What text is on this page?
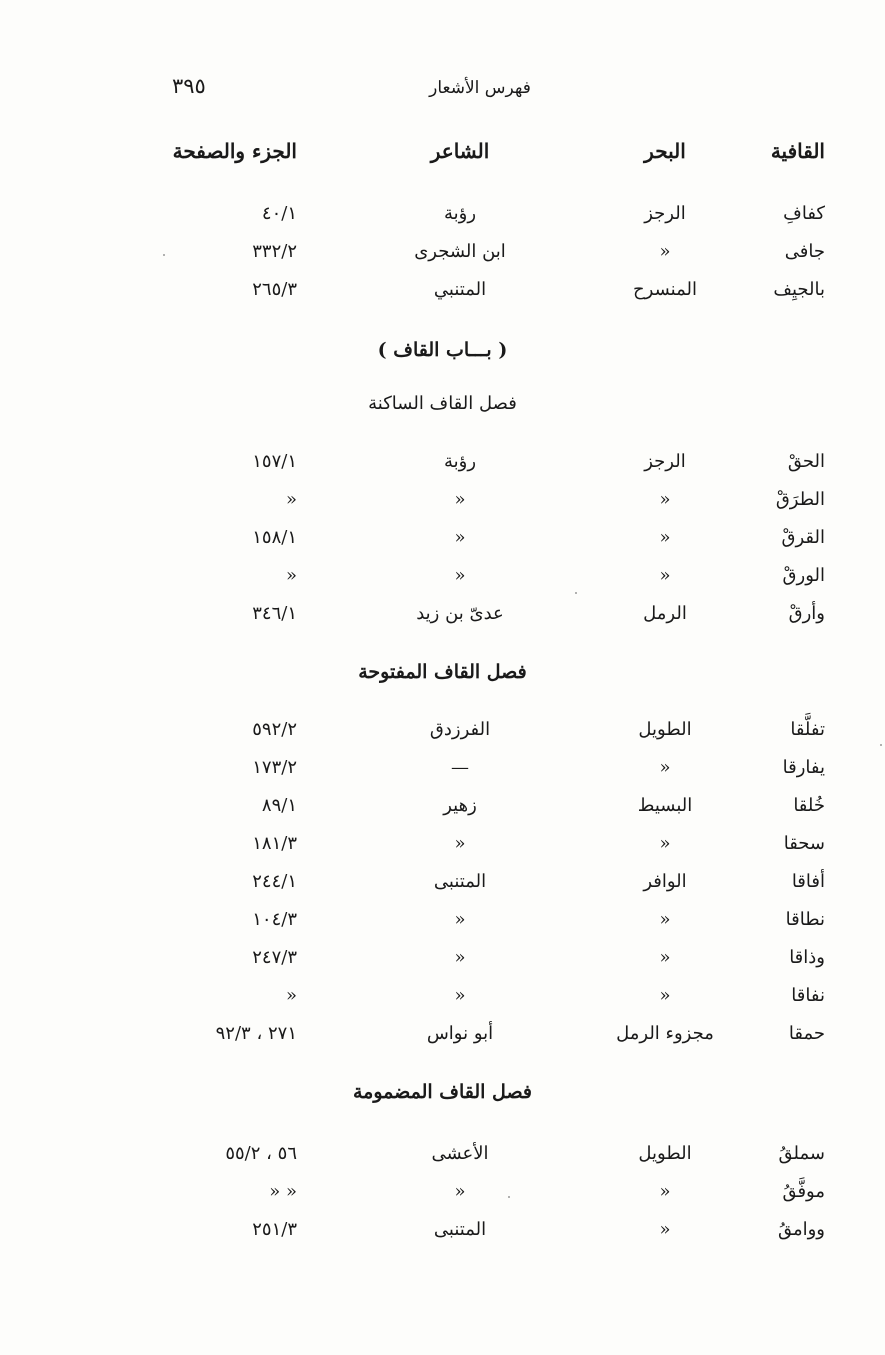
٣٩٥	فهرس الأشعار
القافية
البحر
الشاعر
الجزء والصفحة
كفافِ
الرجز
رؤبة
٤٠/١
جافى
»
ابن الشجرى
٣٣٢/٢
بالجيِف
المنسرح
المتنبي
٢٦٥/٣
( بـــاب القاف )
فصل القاف الساكنة
الحقْ
الرجز
رؤبة
١٥٧/١
الطرَقْ
»
»
»
القرقْ
»
»
١٥٨/١
الورقْ
»
»
»
وأرقْ
الرمل
عدىّ بن زيد
٣٤٦/١
فصل القاف المفتوحة
تفلَّقا
الطويل
الفرزدق
٥٩٢/٢
يفارقا
»
—
١٧٣/٢
خُلقا
البسيط
زهير
٨٩/١
سحقا
»
»
١٨١/٣
أفاقا
الوافر
المتنبى
٢٤٤/١
نطاقا
»
»
١٠٤/٣
وذاقا
»
»
٢٤٧/٣
نفاقا
»
»
»
حمقا
مجزوء الرمل
أبو نواس
٢٧١ ، ٩٢/٣
فصل القاف المضمومة
سملقُ
الطويل
الأعشى
٥٦ ، ٥٥/٢
موفَّقُ
»
»
» »
ووامقُ
»
المتنبى
٢٥١/٣
